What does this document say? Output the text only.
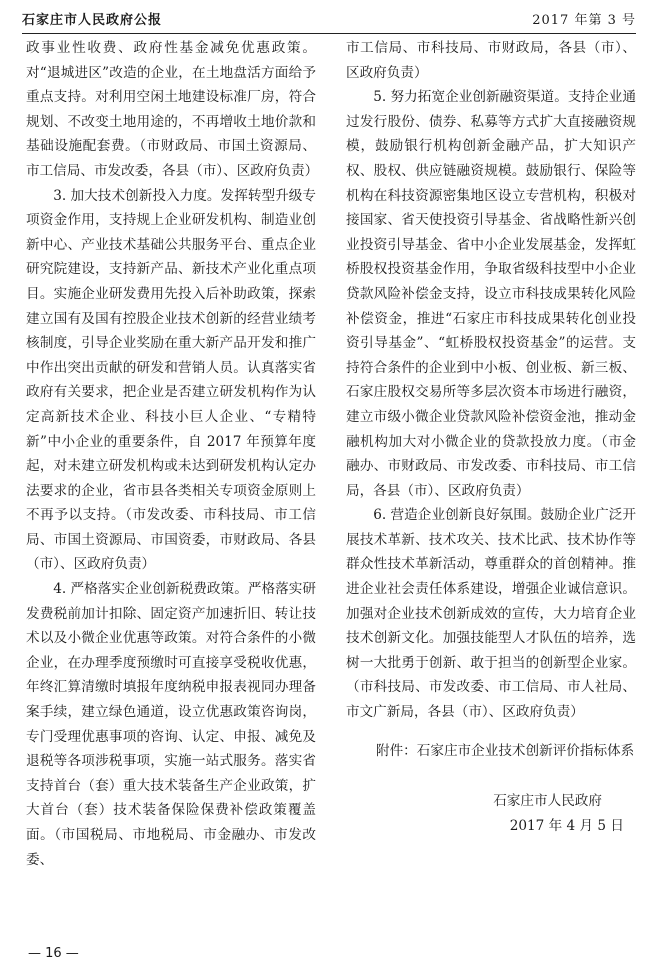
石家庄市人民政府公报	2017 年第 3 号

政事业性收费、政府性基金减免优惠政策。对“退城进区”改造的企业，在土地盘活方面给予重点支持。对利用空闲土地建设标准厂房，符合规划、不改变土地用途的，不再增收土地价款和基础设施配套费。（市财政局、市国土资源局、市工信局、市发改委，各县（市）、区政府负责）

3. 加大技术创新投入力度。发挥转型升级专项资金作用，支持规上企业研发机构、制造业创新中心、产业技术基础公共服务平台、重点企业研究院建设，支持新产品、新技术产业化重点项目。实施企业研发费用先投入后补助政策，探索建立国有及国有控股企业技术创新的经营业绩考核制度，引导企业奖励在重大新产品开发和推广中作出突出贡献的研发和营销人员。认真落实省政府有关要求，把企业是否建立研发机构作为认定高新技术企业、科技小巨人企业、“专精特新”中小企业的重要条件，自 2017 年预算年度起，对未建立研发机构或未达到研发机构认定办法要求的企业，省市县各类相关专项资金原则上不再予以支持。（市发改委、市科技局、市工信局、市国土资源局、市国资委，市财政局、各县（市）、区政府负责）

4. 严格落实企业创新税费政策。严格落实研发费税前加计扣除、固定资产加速折旧、转让技术以及小微企业优惠等政策。对符合条件的小微企业，在办理季度预缴时可直接享受税收优惠，年终汇算清缴时填报年度纳税申报表视同办理备案手续，建立绿色通道，设立优惠政策咨询岗，专门受理优惠事项的咨询、认定、申报、减免及退税等各项涉税事项，实施一站式服务。落实省支持首台（套）重大技术装备生产企业政策，扩大首台（套）技术装备保险保费补偿政策覆盖面。（市国税局、市地税局、市金融办、市发改委、

市工信局、市科技局、市财政局，各县（市）、区政府负责）

5. 努力拓宽企业创新融资渠道。支持企业通过发行股份、债券、私募等方式扩大直接融资规模，鼓励银行机构创新金融产品，扩大知识产权、股权、供应链融资规模。鼓励银行、保险等机构在科技资源密集地区设立专营机构，积极对接国家、省天使投资引导基金、省战略性新兴创业投资引导基金、省中小企业发展基金，发挥虹桥股权投资基金作用，争取省级科技型中小企业贷款风险补偿金支持，设立市科技成果转化风险补偿资金，推进“石家庄市科技成果转化创业投资引导基金”、“虹桥股权投资基金”的运营。支持符合条件的企业到中小板、创业板、新三板、石家庄股权交易所等多层次资本市场进行融资，建立市级小微企业贷款风险补偿资金池，推动金融机构加大对小微企业的贷款投放力度。（市金融办、市财政局、市发改委、市科技局、市工信局，各县（市）、区政府负责）

6. 营造企业创新良好氛围。鼓励企业广泛开展技术革新、技术攻关、技术比武、技术协作等群众性技术革新活动，尊重群众的首创精神。推进企业社会责任体系建设，增强企业诚信意识。加强对企业技术创新成效的宣传，大力培育企业技术创新文化。加强技能型人才队伍的培养，选树一大批勇于创新、敢于担当的创新型企业家。（市科技局、市发改委、市工信局、市人社局、市文广新局，各县（市）、区政府负责）

附件：石家庄市企业技术创新评价指标体系

石家庄市人民政府

2017 年 4 月 5 日

— 16 —
